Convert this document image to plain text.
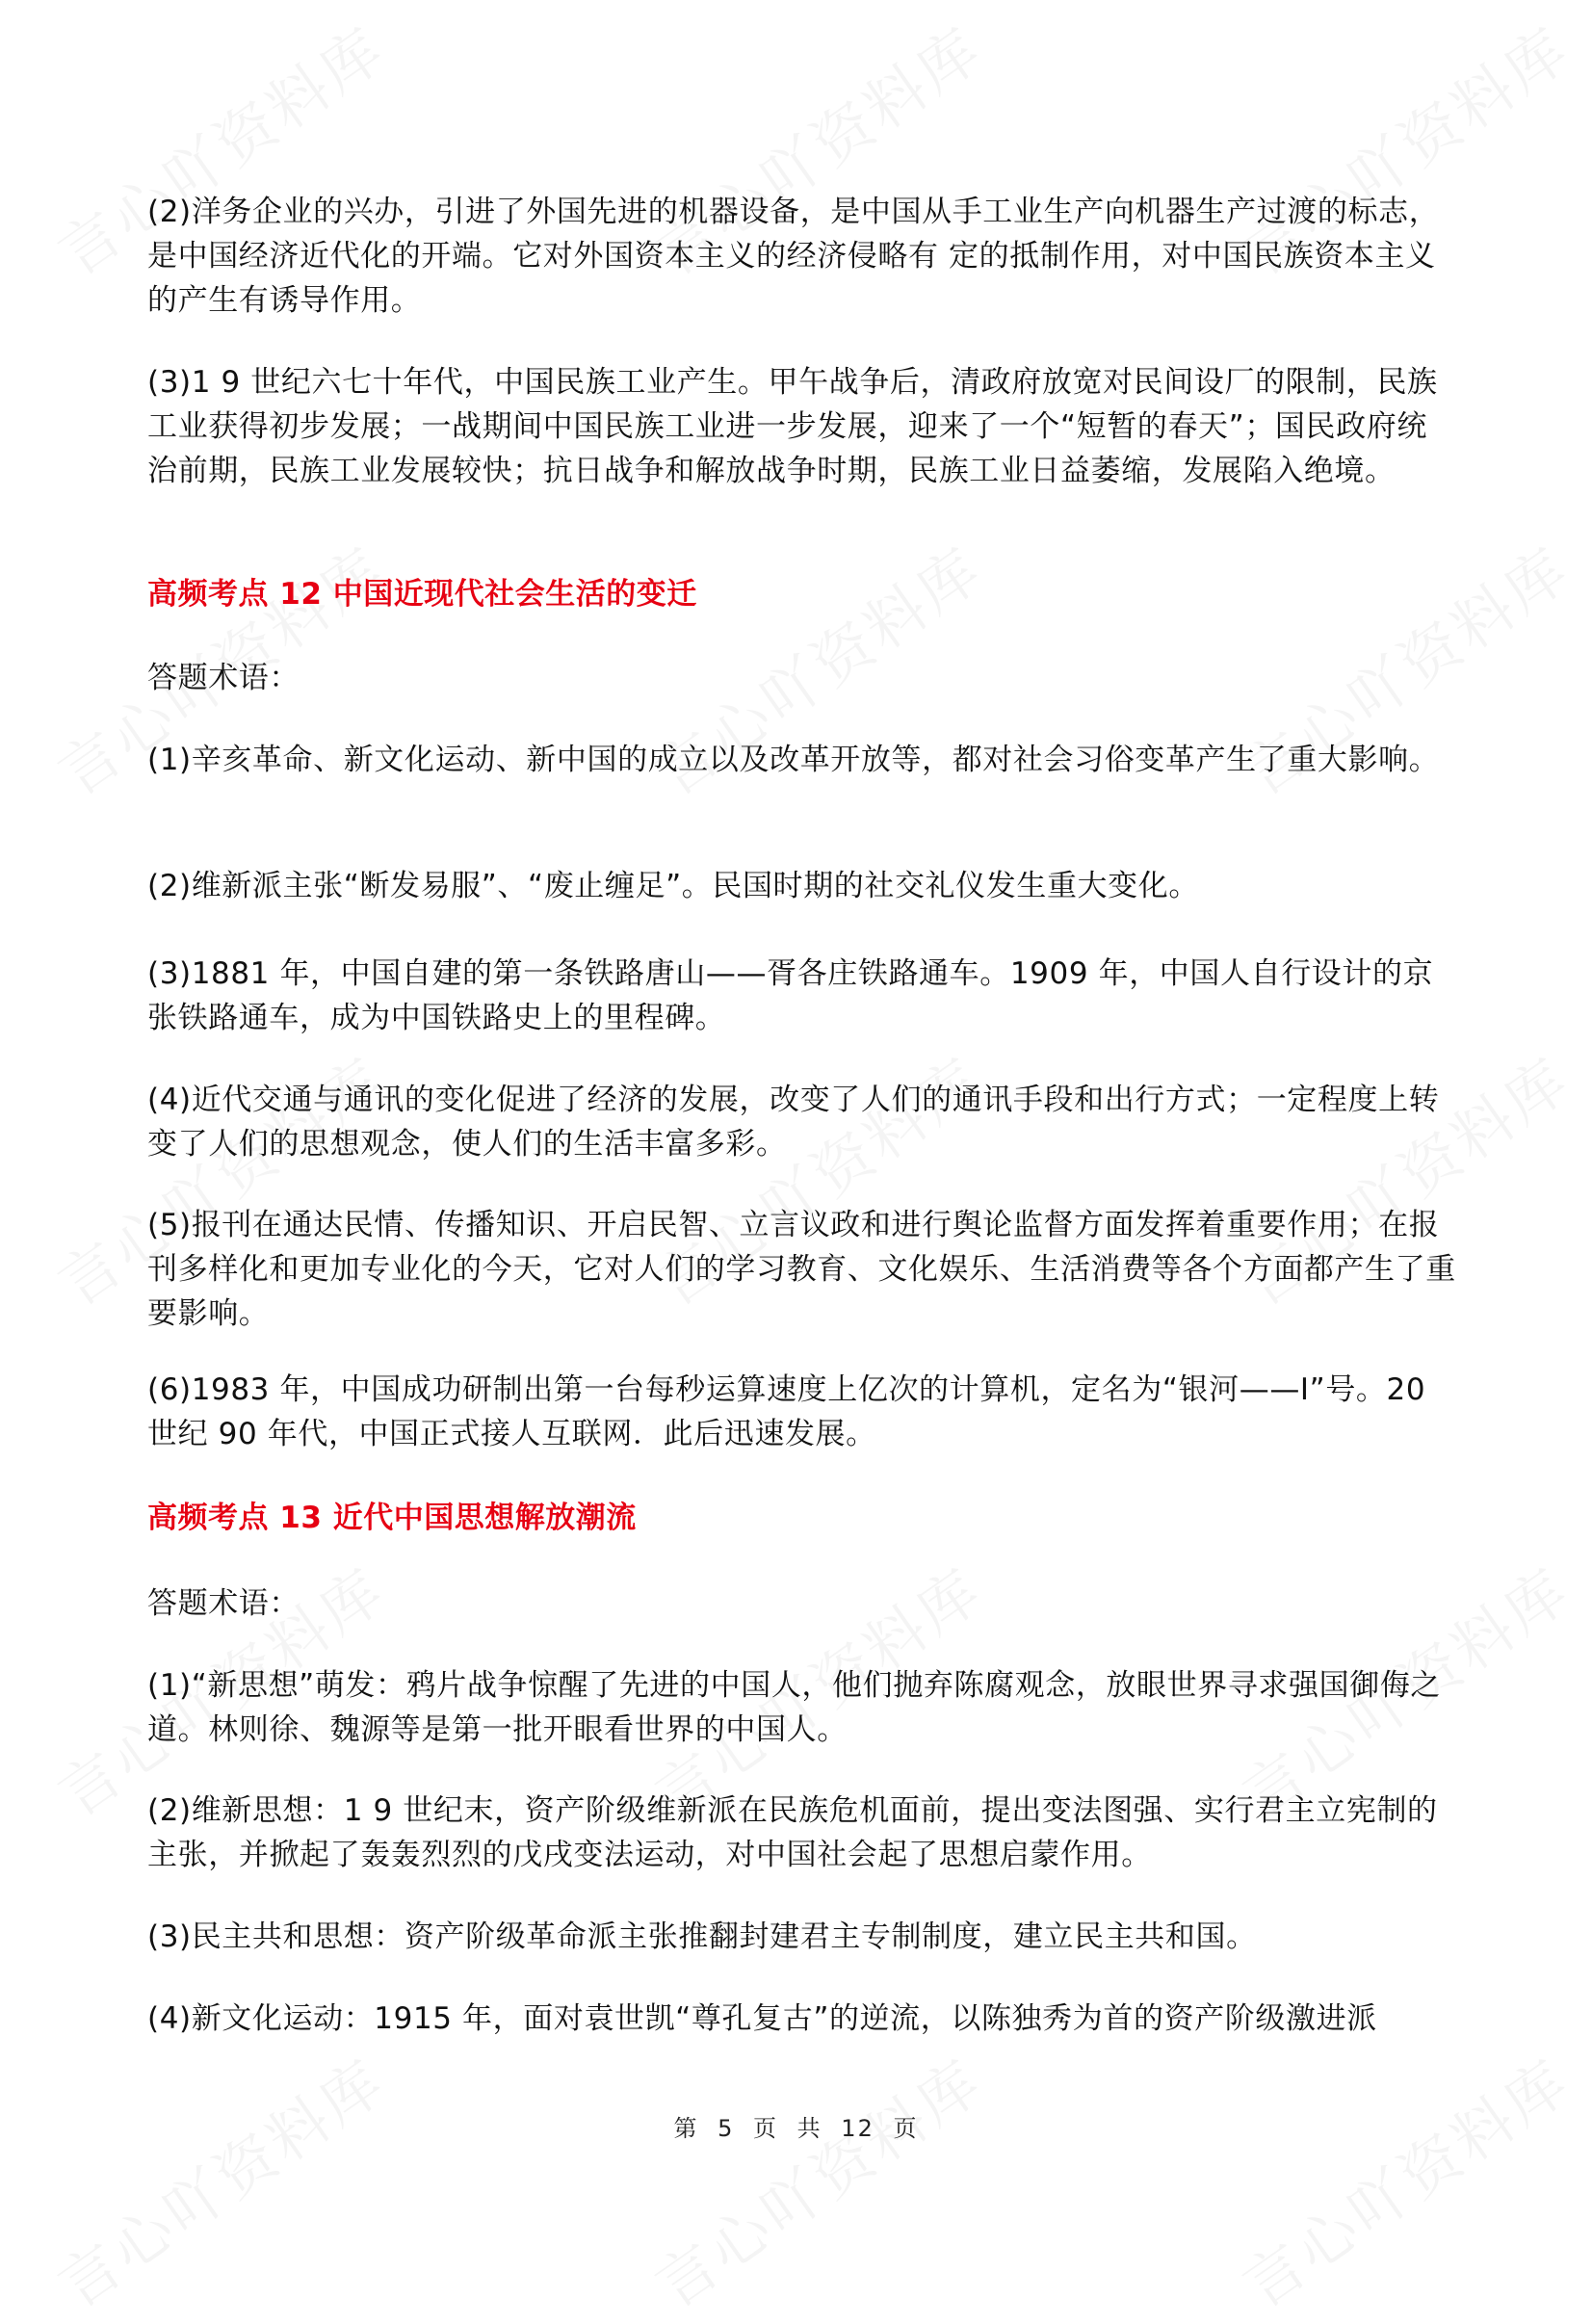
(2)洋务企业的兴办，引进了外国先进的机器设备，是中国从手工业生产向机器生产过渡的标志，是中国经济近代化的开端。它对外国资本主义的经济侵略有 定的抵制作用，对中国民族资本主义的产生有诱导作用。

(3)1 9 世纪六七十年代，中国民族工业产生。甲午战争后，清政府放宽对民间设厂的限制，民族工业获得初步发展；一战期间中国民族工业进一步发展，迎来了一个“短暂的春天”；国民政府统治前期，民族工业发展较快；抗日战争和解放战争时期，民族工业日益萎缩，发展陷入绝境。

高频考点 12 中国近现代社会生活的变迁

答题术语：

(1)辛亥革命、新文化运动、新中国的成立以及改革开放等，都对社会习俗变革产生了重大影响。

(2)维新派主张“断发易服”、“废止缠足”。民国时期的社交礼仪发生重大变化。

(3)1881 年，中国自建的第一条铁路唐山——胥各庄铁路通车。1909 年，中国人自行设计的京张铁路通车，成为中国铁路史上的里程碑。

(4)近代交通与通讯的变化促进了经济的发展，改变了人们的通讯手段和出行方式；一定程度上转变了人们的思想观念，使人们的生活丰富多彩。

(5)报刊在通达民情、传播知识、开启民智、立言议政和进行舆论监督方面发挥着重要作用；在报刊多样化和更加专业化的今天，它对人们的学习教育、文化娱乐、生活消费等各个方面都产生了重要影响。

(6)1983 年，中国成功研制出第一台每秒运算速度上亿次的计算机，定名为“银河——I”号。20 世纪 90 年代，中国正式接人互联网．此后迅速发展。

高频考点 13 近代中国思想解放潮流

答题术语：

(1)“新思想”萌发：鸦片战争惊醒了先进的中国人，他们抛弃陈腐观念，放眼世界寻求强国御侮之道。林则徐、魏源等是第一批开眼看世界的中国人。

(2)维新思想：1 9 世纪末，资产阶级维新派在民族危机面前，提出变法图强、实行君主立宪制的主张，并掀起了轰轰烈烈的戊戌变法运动，对中国社会起了思想启蒙作用。

(3)民主共和思想：资产阶级革命派主张推翻封建君主专制制度，建立民主共和国。

(4)新文化运动：1915 年，面对袁世凯“尊孔复古”的逆流，以陈独秀为首的资产阶级激进派

第 5 页 共 12 页
